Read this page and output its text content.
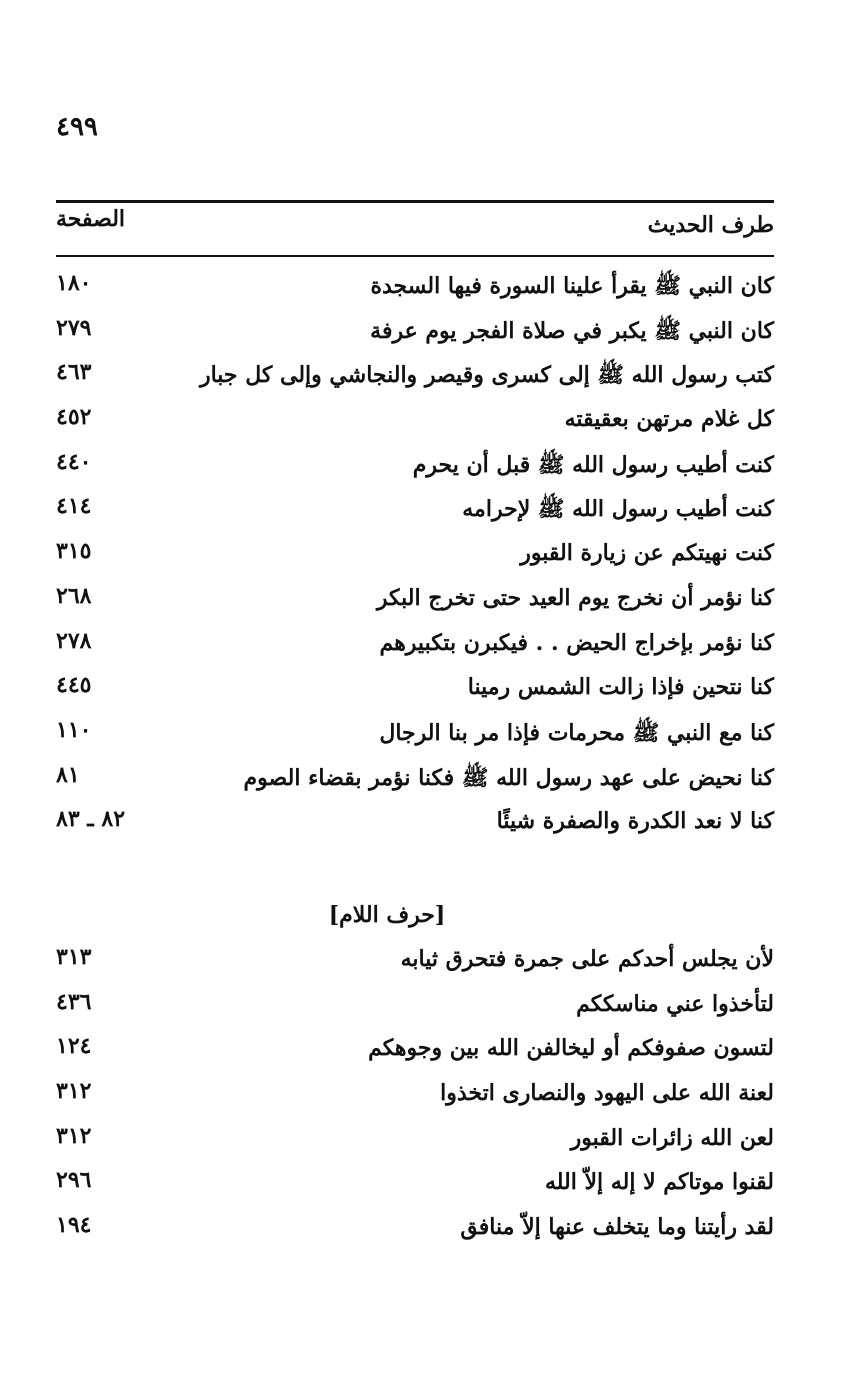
٤٩٩
طرف الحديث
الصفحة
كان النبي ﷺ يقرأ علينا السورة فيها السجدة
١٨٠
كان النبي ﷺ يكبر في صلاة الفجر يوم عرفة
٢٧٩
كتب رسول الله ﷺ إلى كسرى وقيصر والنجاشي وإلى كل جبار
٤٦٣
كل غلام مرتهن بعقيقته
٤٥٢
كنت أطيب رسول الله ﷺ قبل أن يحرم
٤٤٠
كنت أطيب رسول الله ﷺ لإحرامه
٤١٤
كنت نهيتكم عن زيارة القبور
٣١٥
كنا نؤمر أن نخرج يوم العيد حتى تخرج البكر
٢٦٨
كنا نؤمر بإخراج الحيض . . فيكبرن بتكبيرهم
٢٧٨
كنا نتحين فإذا زالت الشمس رمينا
٤٤٥
كنا مع النبي ﷺ محرمات فإذا مر بنا الرجال
١١٠
كنا نحيض على عهد رسول الله ﷺ فكنا نؤمر بقضاء الصوم
٨١
كنا لا نعد الكدرة والصفرة شيئًا
٨٢ ـ ٨٣
[حرف اللام]
لأن يجلس أحدكم على جمرة فتحرق ثيابه
٣١٣
لتأخذوا عني مناسككم
٤٣٦
لتسون صفوفكم أو ليخالفن الله بين وجوهكم
١٢٤
لعنة الله على اليهود والنصارى اتخذوا
٣١٢
لعن الله زائرات القبور
٣١٢
لقنوا موتاكم لا إله إلاّ الله
٢٩٦
لقد رأيتنا وما يتخلف عنها إلاّ منافق
١٩٤
